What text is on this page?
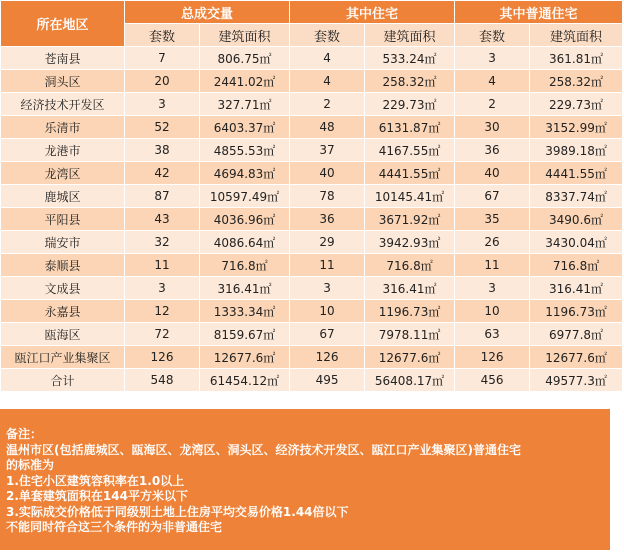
所在地区	总成交量		其中住宅		其中普通住宅	
	套数	建筑面积	套数	建筑面积	套数	建筑面积
苍南县	7	806.75㎡	4	533.24㎡	3	361.81㎡
洞头区	20	2441.02㎡	4	258.32㎡	4	258.32㎡
经济技术开发区	3	327.71㎡	2	229.73㎡	2	229.73㎡
乐清市	52	6403.37㎡	48	6131.87㎡	30	3152.99㎡
龙港市	38	4855.53㎡	37	4167.55㎡	36	3989.18㎡
龙湾区	42	4694.83㎡	40	4441.55㎡	40	4441.55㎡
鹿城区	87	10597.49㎡	78	10145.41㎡	67	8337.74㎡
平阳县	43	4036.96㎡	36	3671.92㎡	35	3490.6㎡
瑞安市	32	4086.64㎡	29	3942.93㎡	26	3430.04㎡
泰顺县	11	716.8㎡	11	716.8㎡	11	716.8㎡
文成县	3	316.41㎡	3	316.41㎡	3	316.41㎡
永嘉县	12	1333.34㎡	10	1196.73㎡	10	1196.73㎡
瓯海区	72	8159.67㎡	67	7978.11㎡	63	6977.8㎡
瓯江口产业集聚区	126	12677.6㎡	126	12677.6㎡	126	12677.6㎡
合计	548	61454.12㎡	495	56408.17㎡	456	49577.3㎡
备注：
温州市区(包括鹿城区、瓯海区、龙湾区、洞头区、经济技术开发区、瓯江口产业集聚区)普通住宅
的标准为
1.住宅小区建筑容积率在1.0以上
2.单套建筑面积在144平方米以下
3.实际成交价格低于同级别土地上住房平均交易价格1.44倍以下
不能同时符合这三个条件的为非普通住宅
